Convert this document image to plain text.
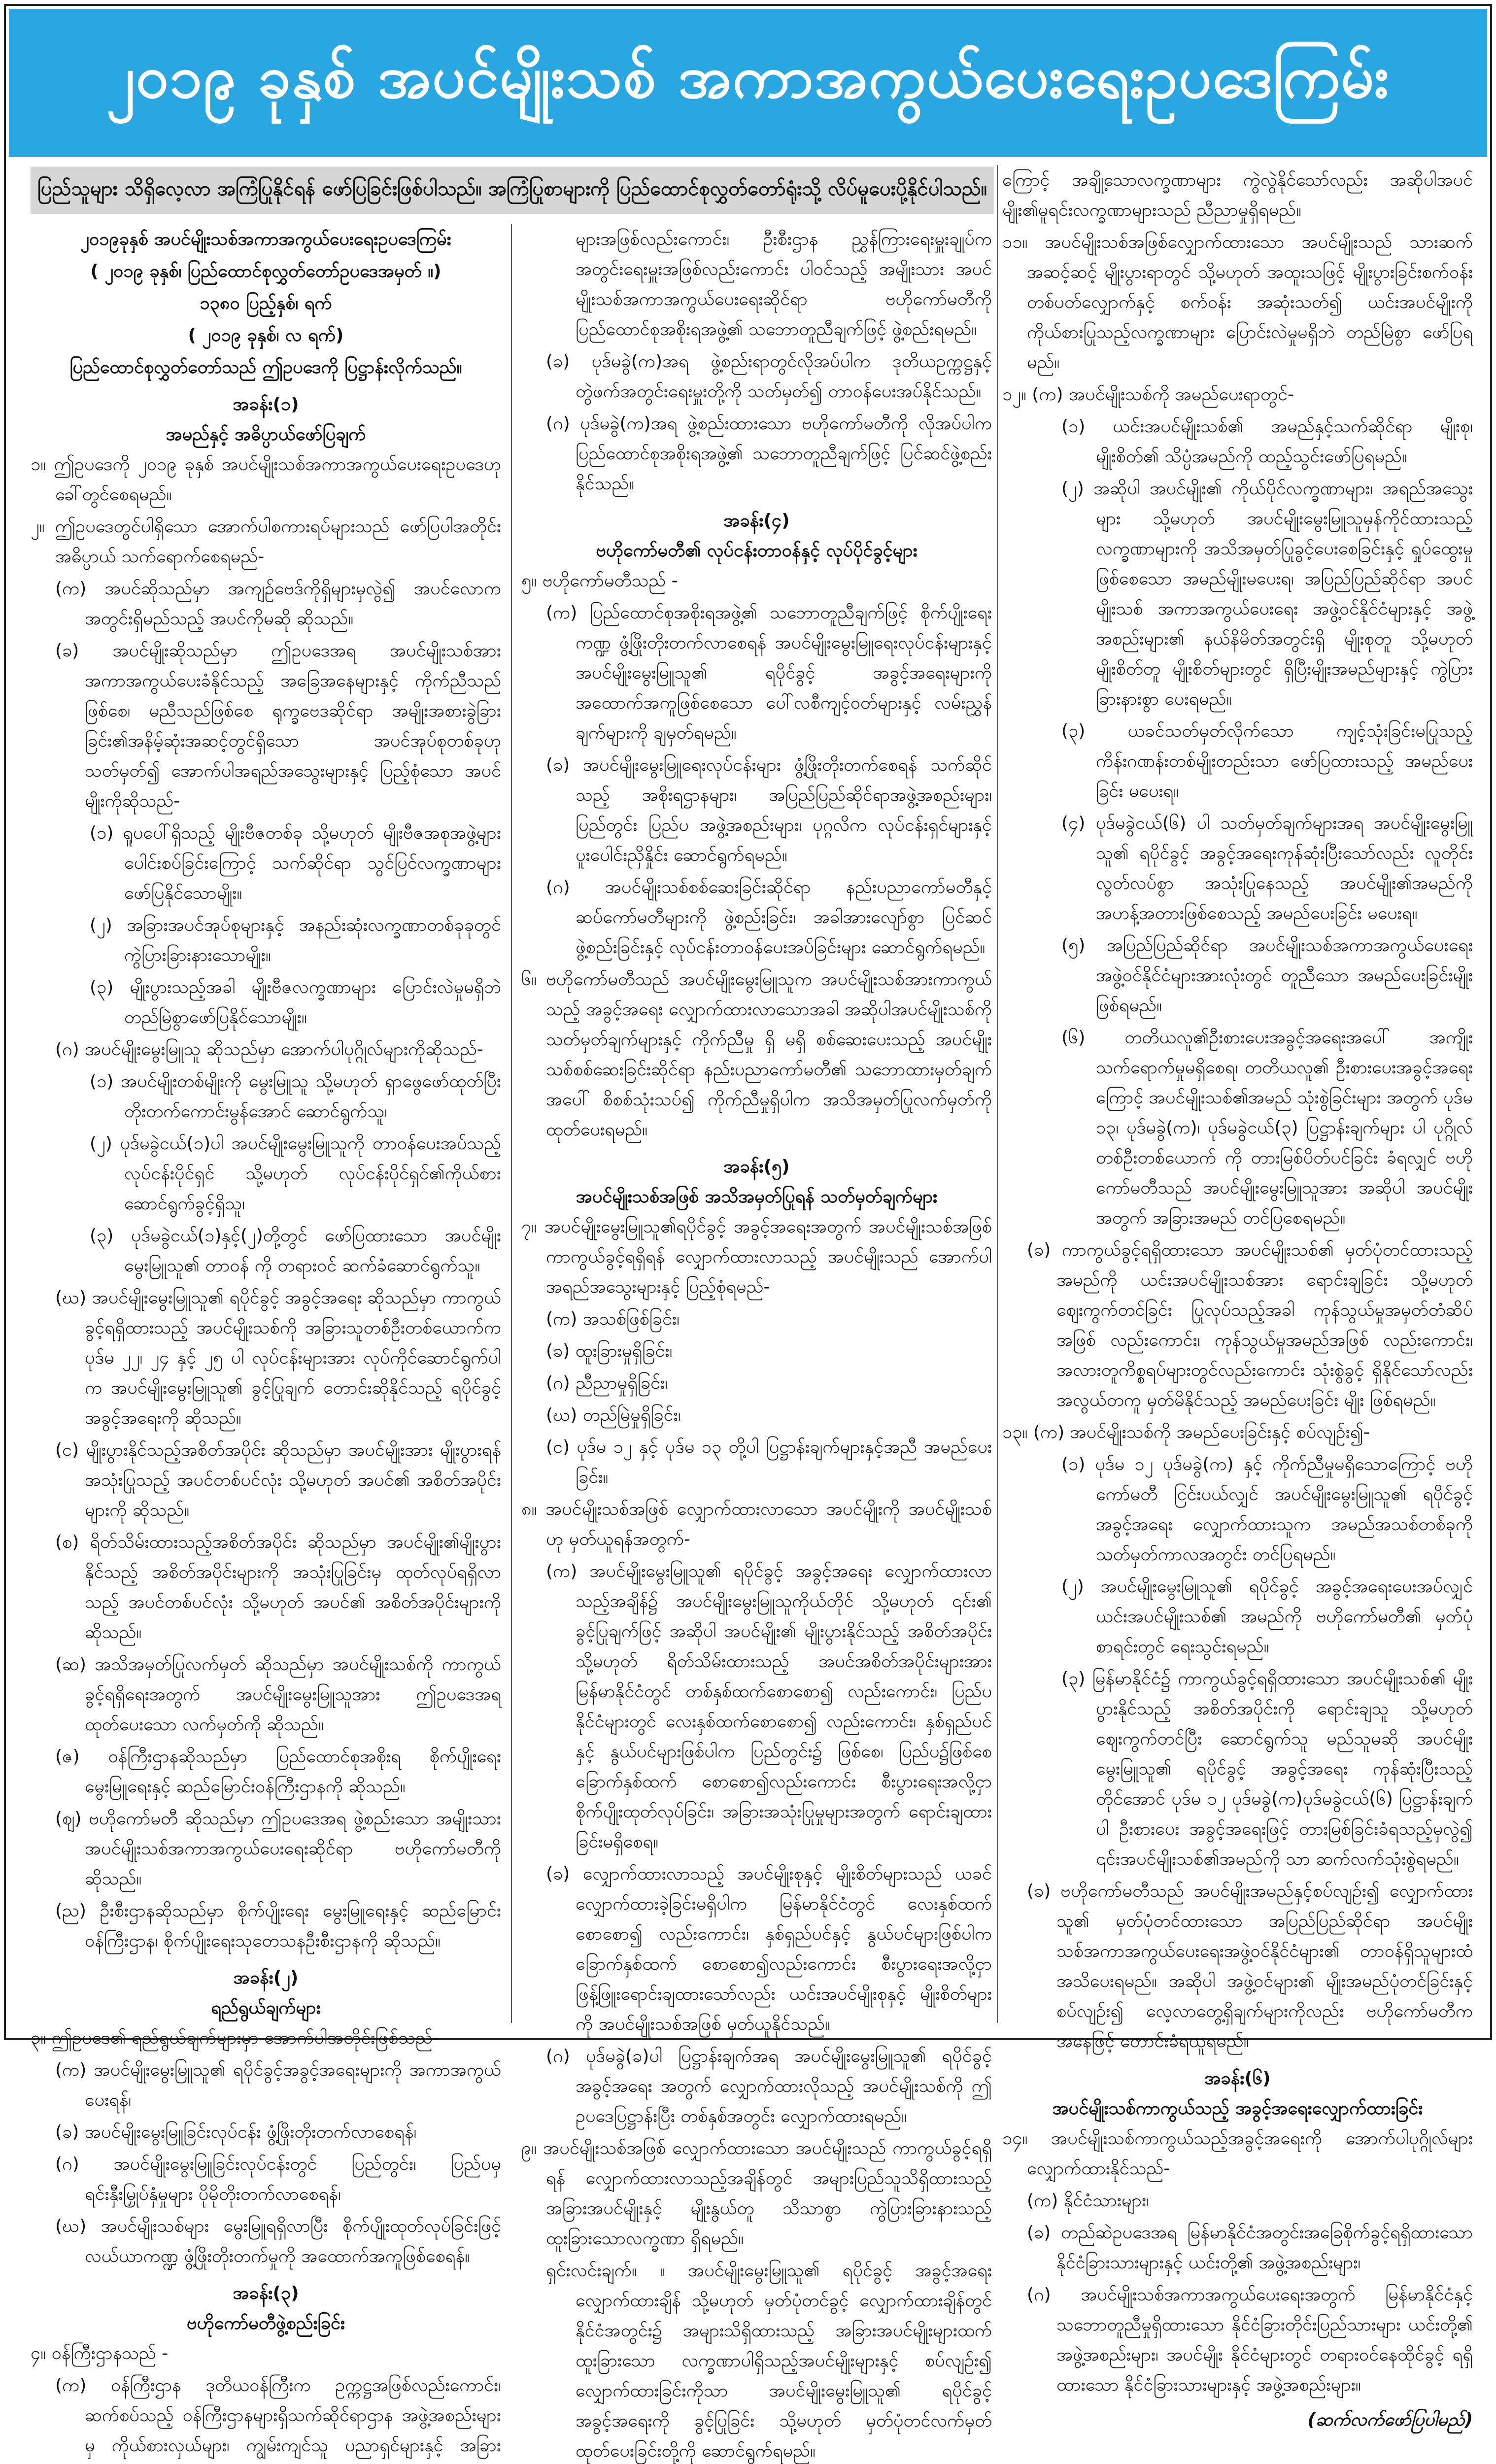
၂၀၁၉ ခုနှစ် အပင်မျိုးသစ် အကာအကွယ်ပေးရေးဥပဒေကြမ်း
ပြည်သူများ သိရှိလေ့လာ အကြံပြုနိုင်ရန် ဖော်ပြခြင်းဖြစ်ပါသည်။ အကြံပြုစာများကို ပြည်ထောင်စုလွှတ်တော်ရုံးသို့ လိပ်မူပေးပို့နိုင်ပါသည်။
၂၀၁၉ခုနှစ် အပင်မျိုးသစ်အကာအကွယ်ပေးရေးဥပဒေကြမ်း
( ၂၀၁၉ ခုနှစ်၊ ပြည်ထောင်စုလွှတ်တော်ဥပဒေအမှတ် ။)
၁၃၈၀ ပြည့်နှစ်၊ ရက်
( ၂၀၁၉ ခုနှစ်၊ လ ရက်)
ပြည်ထောင်စုလွှတ်တော်သည် ဤဥပဒေကို ပြဋ္ဌာန်းလိုက်သည်။
အခန်း(၁)
အမည်နှင့် အဓိပ္ပာယ်ဖော်ပြချက်
၁။ ဤဥပဒေကို ၂၀၁၉ ခုနှစ် အပင်မျိုးသစ်အကာအကွယ်ပေးရေးဥပဒေဟု ခေါ်တွင်စေရမည်။
၂။ ဤဥပဒေတွင်ပါရှိသော အောက်ပါစကားရပ်များသည် ဖော်ပြပါအတိုင်း အဓိပ္ပာယ် သက်ရောက်စေရမည်-
(က) အပင်ဆိုသည်မှာ အကျဉ်ဗေဒ်ကိုရှိများမှလွဲ၍ အပင်လောကအတွင်းရှိမည်သည့် အပင်ကိုမဆို ဆိုသည်။
(ခ) အပင်မျိုးဆိုသည်မှာ ဤဥပဒေအရ အပင်မျိုးသစ်အား အကာအကွယ်ပေးခံနိုင်သည့် အခြေအနေများနှင့် ကိုက်ညီသည်ဖြစ်စေ၊ မညီသည်ဖြစ်စေ ရုက္ခဗေဒဆိုင်ရာ အမျိုးအစားခွဲခြားခြင်း၏အနိမ့်ဆုံးအဆင့်တွင်ရှိသော အပင်အုပ်စုတစ်ခုဟု သတ်မှတ်၍ အောက်ပါအရည်အသွေးများနှင့် ပြည့်စုံသော အပင်မျိုးကိုဆိုသည်-
(၁) ရူပပေါ်ရှိသည့် မျိုးဗီဇတစ်ခု သို့မဟုတ် မျိုးဗီဇအစုအဖွဲ့များ ပေါင်းစပ်ခြင်းကြောင့် သက်ဆိုင်ရာ သွင်ပြင်လက္ခဏာများ ဖော်ပြနိုင်သောမျိုး။
(၂) အခြားအပင်အုပ်စုများနှင့် အနည်းဆုံးလက္ခဏာတစ်ခုခုတွင် ကွဲပြားခြားနားသောမျိုး။
(၃) မျိုးပွားသည့်အခါ မျိုးဗီဇလက္ခဏာများ ပြောင်းလဲမှုမရှိဘဲ တည်မြဲစွာဖော်ပြနိုင်သောမျိုး။
(ဂ) အပင်မျိုးမွေးမြူသူ ဆိုသည်မှာ အောက်ပါပုဂ္ဂိုလ်များကိုဆိုသည်-
(၁) အပင်မျိုးတစ်မျိုးကို မွေးမြူသူ သို့မဟုတ် ရှာဖွေဖော်ထုတ်ပြီး တိုးတက်ကောင်းမွန်အောင် ဆောင်ရွက်သူ၊
(၂) ပုဒ်မခွဲငယ်(၁)ပါ အပင်မျိုးမွေးမြူသူကို တာဝန်ပေးအပ်သည့် လုပ်ငန်းပိုင်ရှင် သို့မဟုတ် လုပ်ငန်းပိုင်ရှင်၏ကိုယ်စားဆောင်ရွက်ခွင့်ရှိသူ၊
(၃) ပုဒ်မခွဲငယ်(၁)နှင့်(၂)တို့တွင် ဖော်ပြထားသော အပင်မျိုးမွေးမြူသူ၏ တာဝန် ကို တရားဝင် ဆက်ခံဆောင်ရွက်သူ။
(ဃ) အပင်မျိုးမွေးမြူသူ၏ ရပိုင်ခွင့် အခွင့်အရေး ဆိုသည်မှာ ကာကွယ်ခွင့်ရရှိထားသည့် အပင်မျိုးသစ်ကို အခြားသူတစ်ဦးတစ်ယောက်က ပုဒ်မ ၂၂၊ ၂၄ နှင့် ၂၅ ပါ လုပ်ငန်းများအား လုပ်ကိုင်ဆောင်ရွက်ပါက အပင်မျိုးမွေးမြူသူ၏ ခွင့်ပြုချက် တောင်းဆိုနိုင်သည့် ရပိုင်ခွင့် အခွင့်အရေးကို ဆိုသည်။
(င) မျိုးပွားနိုင်သည့်အစိတ်အပိုင်း ဆိုသည်မှာ အပင်မျိုးအား မျိုးပွားရန် အသုံးပြုသည့် အပင်တစ်ပင်လုံး သို့မဟုတ် အပင်၏ အစိတ်အပိုင်းများကို ဆိုသည်။
(စ) ရိတ်သိမ်းထားသည့်အစိတ်အပိုင်း ဆိုသည်မှာ အပင်မျိုး၏မျိုးပွားနိုင်သည့် အစိတ်အပိုင်းများကို အသုံးပြုခြင်းမှ ထုတ်လုပ်ရရှိလာသည့် အပင်တစ်ပင်လုံး သို့မဟုတ် အပင်၏ အစိတ်အပိုင်းများကို ဆိုသည်။
(ဆ) အသိအမှတ်ပြုလက်မှတ် ဆိုသည်မှာ အပင်မျိုးသစ်ကို ကာကွယ်ခွင့်ရရှိရေးအတွက် အပင်မျိုးမွေးမြူသူအား ဤဥပဒေအရ ထုတ်ပေးသော လက်မှတ်ကို ဆိုသည်။
(ဇ) ဝန်ကြီးဌာနဆိုသည်မှာ ပြည်ထောင်စုအစိုးရ စိုက်ပျိုးရေး မွေးမြူရေးနှင့် ဆည်မြောင်းဝန်ကြီးဌာနကို ဆိုသည်။
(ဈ) ဗဟိုကော်မတီ ဆိုသည်မှာ ဤဥပဒေအရ ဖွဲ့စည်းသော အမျိုးသား အပင်မျိုးသစ်အကာအကွယ်ပေးရေးဆိုင်ရာ ဗဟိုကော်မတီကို ဆိုသည်။
(ည) ဦးစီးဌာနဆိုသည်မှာ စိုက်ပျိုးရေး မွေးမြူရေးနှင့် ဆည်မြောင်းဝန်ကြီးဌာန၊ စိုက်ပျိုးရေးသုတေသနဦးစီးဌာနကို ဆိုသည်။
အခန်း(၂)
ရည်ရွယ်ချက်များ
၃။ ဤဥပဒေ၏ ရည်ရွယ်ချက်များမှာ အောက်ပါအတိုင်းဖြစ်သည်-
(က) အပင်မျိုးမွေးမြူသူ၏ ရပိုင်ခွင့်အခွင့်အရေးများကို အကာအကွယ်ပေးရန်၊
(ခ) အပင်မျိုးမွေးမြူခြင်းလုပ်ငန်း ဖွံ့ဖြိုးတိုးတက်လာစေရန်၊
(ဂ) အပင်မျိုးမွေးမြူခြင်းလုပ်ငန်းတွင် ပြည်တွင်း၊ ပြည်ပမှ ရင်းနှီးမြှုပ်နှံမှုများ ပိုမိုတိုးတက်လာစေရန်၊
(ဃ) အပင်မျိုးသစ်များ မွေးမြူရရှိလာပြီး စိုက်ပျိုးထုတ်လုပ်ခြင်းဖြင့် လယ်ယာကဏ္ဍ ဖွံ့ဖြိုးတိုးတက်မှုကို အထောက်အကူဖြစ်စေရန်။
အခန်း(၃)
ဗဟိုကော်မတီဖွဲ့စည်းခြင်း
၄။ ဝန်ကြီးဌာနသည် -
(က) ဝန်ကြီးဌာန ဒုတိယဝန်ကြီးက ဥက္ကဋ္ဌအဖြစ်လည်းကောင်း၊ ဆက်စပ်သည့် ဝန်ကြီးဌာနများရှိသက်ဆိုင်ရာဌာန အဖွဲ့အစည်းများမှ ကိုယ်စားလှယ်များ၊ ကျွမ်းကျင်သူ ပညာရှင်များနှင့် အခြား
များအဖြစ်လည်းကောင်း၊ ဦးစီးဌာန ညွှန်ကြားရေးမှူးချုပ်က အတွင်းရေးမှူးအဖြစ်လည်းကောင်း ပါဝင်သည့် အမျိုးသား အပင်မျိုးသစ်အကာအကွယ်ပေးရေးဆိုင်ရာ ဗဟိုကော်မတီကို ပြည်ထောင်စုအစိုးရအဖွဲ့၏ သဘောတူညီချက်ဖြင့် ဖွဲ့စည်းရမည်။
(ခ) ပုဒ်မခွဲ(က)အရ ဖွဲ့စည်းရာတွင်လိုအပ်ပါက ဒုတိယဥက္ကဋ္ဌနှင့်တွဲဖက်အတွင်းရေးမှူးတို့ကို သတ်မှတ်၍ တာဝန်ပေးအပ်နိုင်သည်။
(ဂ) ပုဒ်မခွဲ(က)အရ ဖွဲ့စည်းထားသော ဗဟိုကော်မတီကို လိုအပ်ပါက ပြည်ထောင်စုအစိုးရအဖွဲ့၏ သဘောတူညီချက်ဖြင့် ပြင်ဆင်ဖွဲ့စည်းနိုင်သည်။
အခန်း(၄)
ဗဟိုကော်မတီ၏ လုပ်ငန်းတာဝန်နှင့် လုပ်ပိုင်ခွင့်များ
၅။ ဗဟိုကော်မတီသည် -
(က) ပြည်ထောင်စုအစိုးရအဖွဲ့၏ သဘောတူညီချက်ဖြင့် စိုက်ပျိုးရေးကဏ္ဍ ဖွံ့ဖြိုးတိုးတက်လာစေရန် အပင်မျိုးမွေးမြူရေးလုပ်ငန်းများနှင့် အပင်မျိုးမွေးမြူသူ၏ ရပိုင်ခွင့် အခွင့်အရေးများကို အထောက်အကူဖြစ်စေသော ပေါ်လစီကျင့်ဝတ်များနှင့် လမ်းညွှန်ချက်များကို ချမှတ်ရမည်။
(ခ) အပင်မျိုးမွေးမြူရေးလုပ်ငန်းများ ဖွံ့ဖြိုးတိုးတက်စေရန် သက်ဆိုင်သည့် အစိုးရဌာနများ၊ အပြည်ပြည်ဆိုင်ရာအဖွဲ့အစည်းများ၊ ပြည်တွင်း ပြည်ပ အဖွဲ့အစည်းများ၊ ပုဂ္ဂလိက လုပ်ငန်းရှင်များနှင့် ပူးပေါင်းညှိနှိုင်း ဆောင်ရွက်ရမည်။
(ဂ) အပင်မျိုးသစ်စစ်ဆေးခြင်းဆိုင်ရာ နည်းပညာကော်မတီနှင့် ဆပ်ကော်မတီများကို ဖွဲ့စည်းခြင်း၊ အခါအားလျော်စွာ ပြင်ဆင်ဖွဲ့စည်းခြင်းနှင့် လုပ်ငန်းတာဝန်ပေးအပ်ခြင်းများ ဆောင်ရွက်ရမည်။
၆။ ဗဟိုကော်မတီသည် အပင်မျိုးမွေးမြူသူက အပင်မျိုးသစ်အားကာကွယ်သည့် အခွင့်အရေး လျှောက်ထားလာသောအခါ အဆိုပါအပင်မျိုးသစ်ကို သတ်မှတ်ချက်များနှင့် ကိုက်ညီမှု ရှိ မရှိ စစ်ဆေးပေးသည့် အပင်မျိုးသစ်စစ်ဆေးခြင်းဆိုင်ရာ နည်းပညာကော်မတီ၏ သဘောထားမှတ်ချက်အပေါ် စိစစ်သုံးသပ်၍ ကိုက်ညီမှုရှိပါက အသိအမှတ်ပြုလက်မှတ်ကို ထုတ်ပေးရမည်။
အခန်း(၅)
အပင်မျိုးသစ်အဖြစ် အသိအမှတ်ပြုရန် သတ်မှတ်ချက်များ
၇။ အပင်မျိုးမွေးမြူသူ၏ရပိုင်ခွင့် အခွင့်အရေးအတွက် အပင်မျိုးသစ်အဖြစ်ကာကွယ်ခွင့်ရရှိရန် လျှောက်ထားလာသည့် အပင်မျိုးသည် အောက်ပါအရည်အသွေးများနှင့် ပြည့်စုံရမည်-
(က) အသစ်ဖြစ်ခြင်း၊
(ခ) ထူးခြားမှုရှိခြင်း၊
(ဂ) ညီညာမှုရှိခြင်း၊
(ဃ) တည်မြဲမှုရှိခြင်း၊
(င) ပုဒ်မ ၁၂ နှင့် ပုဒ်မ ၁၃ တို့ပါ ပြဋ္ဌာန်းချက်များနှင့်အညီ အမည်ပေးခြင်း။
၈။ အပင်မျိုးသစ်အဖြစ် လျှောက်ထားလာသော အပင်မျိုးကို အပင်မျိုးသစ်ဟု မှတ်ယူရန်အတွက်-
(က) အပင်မျိုးမွေးမြူသူ၏ ရပိုင်ခွင့် အခွင့်အရေး လျှောက်ထားလာသည့်အချိန်၌ အပင်မျိုးမွေးမြူသူကိုယ်တိုင် သို့မဟုတ် ၎င်း၏ ခွင့်ပြုချက်ဖြင့် အဆိုပါ အပင်မျိုး၏ မျိုးပွားနိုင်သည့် အစိတ်အပိုင်း သို့မဟုတ် ရိတ်သိမ်းထားသည့် အပင်အစိတ်အပိုင်းများအား မြန်မာနိုင်ငံတွင် တစ်နှစ်ထက်စောစော၍ လည်းကောင်း၊ ပြည်ပနိုင်ငံများတွင် လေးနှစ်ထက်စောစော၍ လည်းကောင်း၊ နှစ်ရှည်ပင်နှင့် နွယ်ပင်များဖြစ်ပါက ပြည်တွင်း၌ ဖြစ်စေ၊ ပြည်ပ၌ဖြစ်စေ ခြောက်နှစ်ထက် စောစော၍လည်းကောင်း စီးပွားရေးအလို့ငှာ စိုက်ပျိုးထုတ်လုပ်ခြင်း၊ အခြားအသုံးပြုမှုများအတွက် ရောင်းချထားခြင်းမရှိစေရ။
(ခ) လျှောက်ထားလာသည့် အပင်မျိုးစုနှင့် မျိုးစိတ်များသည် ယခင်လျှောက်ထားခဲ့ခြင်းမရှိပါက မြန်မာနိုင်ငံတွင် လေးနှစ်ထက် စောစော၍ လည်းကောင်း၊ နှစ်ရှည်ပင်နှင့် နွယ်ပင်များဖြစ်ပါက ခြောက်နှစ်ထက် စောစော၍လည်းကောင်း စီးပွားရေးအလို့ငှာ ဖြန့်ဖြူးရောင်းချထားသော်လည်း ယင်းအပင်မျိုးစုနှင့် မျိုးစိတ်များကို အပင်မျိုးသစ်အဖြစ် မှတ်ယူနိုင်သည်။
(ဂ) ပုဒ်မခွဲ(ခ)ပါ ပြဋ္ဌာန်းချက်အရ အပင်မျိုးမွေးမြူသူ၏ ရပိုင်ခွင့် အခွင့်အရေး အတွက် လျှောက်ထားလိုသည့် အပင်မျိုးသစ်ကို ဤဥပဒေပြဋ္ဌာန်းပြီး တစ်နှစ်အတွင်း လျှောက်ထားရမည်။
၉။ အပင်မျိုးသစ်အဖြစ် လျှောက်ထားသော အပင်မျိုးသည် ကာကွယ်ခွင့်ရရှိရန် လျှောက်ထားလာသည့်အချိန်တွင် အများပြည်သူသိရှိထားသည့် အခြားအပင်မျိုးနှင့် မျိုးနွယ်တူ သိသာစွာ ကွဲပြားခြားနားသည့် ထူးခြားသောလက္ခဏာ ရှိရမည်။
ရှင်းလင်းချက်။ ။ အပင်မျိုးမွေးမြူသူ၏ ရပိုင်ခွင့် အခွင့်အရေးလျှောက်ထားချိန် သို့မဟုတ် မှတ်ပုံတင်ခွင့် လျှောက်ထားချိန်တွင် နိုင်ငံအတွင်း၌ အများသိရှိထားသည့် အခြားအပင်မျိုးများထက် ထူးခြားသော လက္ခဏာပါရှိသည့်အပင်မျိုးများနှင့် စပ်လျဉ်း၍ လျှောက်ထားခြင်းကိုသာ အပင်မျိုးမွေးမြူသူ၏ ရပိုင်ခွင့် အခွင့်အရေးကို ခွင့်ပြုခြင်း သို့မဟုတ် မှတ်ပုံတင်လက်မှတ် ထုတ်ပေးခြင်းတို့ကို ဆောင်ရွက်ရမည်။
ကြောင့် အချို့သောလက္ခဏာများ ကွဲလွဲနိုင်သော်လည်း အဆိုပါအပင်မျိုး၏မူရင်းလက္ခဏာများသည် ညီညာမှုရှိရမည်။
၁၁။ အပင်မျိုးသစ်အဖြစ်လျှောက်ထားသော အပင်မျိုးသည် သားဆက်အဆင့်ဆင့် မျိုးပွားရာတွင် သို့မဟုတ် အထူးသဖြင့် မျိုးပွားခြင်းစက်ဝန်းတစ်ပတ်လျှောက်နှင့် စက်ဝန်း အဆုံးသတ်၍ ယင်းအပင်မျိုးကို ကိုယ်စားပြုသည့်လက္ခဏာများ ပြောင်းလဲမှုမရှိဘဲ တည်မြဲစွာ ဖော်ပြရမည်။
၁၂။ (က) အပင်မျိုးသစ်ကို အမည်ပေးရာတွင်-
(၁) ယင်းအပင်မျိုးသစ်၏ အမည်နှင့်သက်ဆိုင်ရာ မျိုးစု၊ မျိုးစိတ်၏ သိပ္ပံအမည်ကို ထည့်သွင်းဖော်ပြရမည်။
(၂) အဆိုပါ အပင်မျိုး၏ ကိုယ်ပိုင်လက္ခဏာများ၊ အရည်အသွေးများ သို့မဟုတ် အပင်မျိုးမွေးမြူသူမှန်ကိုင်ထားသည့် လက္ခဏာများကို အသိအမှတ်ပြုခွင့်ပေးစေခြင်းနှင့် ရှုပ်ထွေးမှုဖြစ်စေသော အမည်မျိုးမပေးရ၊ အပြည်ပြည်ဆိုင်ရာ အပင်မျိုးသစ် အကာအကွယ်ပေးရေး အဖွဲ့ဝင်နိုင်ငံများနှင့် အဖွဲ့အစည်းများ၏ နယ်နိမိတ်အတွင်းရှိ မျိုးစုတူ သို့မဟုတ် မျိုးစိတ်တူ မျိုးစိတ်များတွင် ရှိပြီးမျိုးအမည်များနှင့် ကွဲပြားခြားနားစွာ ပေးရမည်။
(၃) ယခင်သတ်မှတ်လိုက်သော ကျင့်သုံးခြင်းမပြုသည့် ကိန်းဂဏန်းတစ်မျိုးတည်းသာ ဖော်ပြထားသည့် အမည်ပေးခြင်း မပေးရ။
(၄) ပုဒ်မခွဲငယ်(၆) ပါ သတ်မှတ်ချက်များအရ အပင်မျိုးမွေးမြူသူ၏ ရပိုင်ခွင့် အခွင့်အရေးကုန်ဆုံးပြီးသော်လည်း လူတိုင်းလွတ်လပ်စွာ အသုံးပြုနေသည့် အပင်မျိုး၏အမည်ကို အဟန့်အတားဖြစ်စေသည့် အမည်ပေးခြင်း မပေးရ။
(၅) အပြည်ပြည်ဆိုင်ရာ အပင်မျိုးသစ်အကာအကွယ်ပေးရေး အဖွဲ့ဝင်နိုင်ငံများအားလုံးတွင် တူညီသော အမည်ပေးခြင်းမျိုး ဖြစ်ရမည်။
(၆) တတိယလူ၏ဦးစားပေးအခွင့်အရေးအပေါ် အကျိုးသက်ရောက်မှုမရှိစေရ၊ တတိယလူ၏ ဦးစားပေးအခွင့်အရေးကြောင့် အပင်မျိုးသစ်၏အမည် သုံးစွဲခြင်းများ အတွက် ပုဒ်မ ၁၃၊ ပုဒ်မခွဲ(က)၊ ပုဒ်မခွဲငယ်(၃) ပြဋ္ဌာန်းချက်များ ပါ ပုဂ္ဂိုလ်တစ်ဦးတစ်ယောက် ကို တားမြစ်ပိတ်ပင်ခြင်း ခံရလျှင် ဗဟိုကော်မတီသည် အပင်မျိုးမွေးမြူသူအား အဆိုပါ အပင်မျိုးအတွက် အခြားအမည် တင်ပြစေရမည်။
(ခ) ကာကွယ်ခွင့်ရရှိထားသော အပင်မျိုးသစ်၏ မှတ်ပုံတင်ထားသည့် အမည်ကို ယင်းအပင်မျိုးသစ်အား ရောင်းချခြင်း သို့မဟုတ် ဈေးကွက်တင်ခြင်း ပြုလုပ်သည့်အခါ ကုန်သွယ်မှုအမှတ်တံဆိပ်အဖြစ် လည်းကောင်း၊ ကုန်သွယ်မှုအမည်အဖြစ် လည်းကောင်း၊ အလားတူကိစ္စရပ်များတွင်လည်းကောင်း သုံးစွဲခွင့် ရှိနိုင်သော်လည်း အလွယ်တကူ မှတ်မိနိုင်သည့် အမည်ပေးခြင်း မျိုး ဖြစ်ရမည်။
၁၃။ (က) အပင်မျိုးသစ်ကို အမည်ပေးခြင်းနှင့် စပ်လျဉ်း၍-
(၁) ပုဒ်မ ၁၂ ပုဒ်မခွဲ(က) နှင့် ကိုက်ညီမှုမရှိသောကြောင့် ဗဟိုကော်မတီ ငြင်းပယ်လျှင် အပင်မျိုးမွေးမြူသူ၏ ရပိုင်ခွင့် အခွင့်အရေး လျှောက်ထားသူက အမည်အသစ်တစ်ခုကို သတ်မှတ်ကာလအတွင်း တင်ပြရမည်။
(၂) အပင်မျိုးမွေးမြူသူ၏ ရပိုင်ခွင့် အခွင့်အရေးပေးအပ်လျှင် ယင်းအပင်မျိုးသစ်၏ အမည်ကို ဗဟိုကော်မတီ၏ မှတ်ပုံစာရင်းတွင် ရေးသွင်းရမည်။
(၃) မြန်မာနိုင်ငံ၌ ကာကွယ်ခွင့်ရရှိထားသော အပင်မျိုးသစ်၏ မျိုးပွားနိုင်သည့် အစိတ်အပိုင်းကို ရောင်းချသူ သို့မဟုတ် ဈေးကွက်တင်ပြီး ဆောင်ရွက်သူ မည်သူမဆို အပင်မျိုးမွေးမြူသူ၏ ရပိုင်ခွင့် အခွင့်အရေး ကုန်ဆုံးပြီးသည့်တိုင်အောင် ပုဒ်မ ၁၂ ပုဒ်မခွဲ(က)ပုဒ်မခွဲငယ်(၆) ပြဋ္ဌာန်းချက်ပါ ဦးစားပေး အခွင့်အရေးဖြင့် တားမြစ်ခြင်းခံရသည့်မှလွဲ၍ ၎င်းအပင်မျိုးသစ်၏အမည်ကို သာ ဆက်လက်သုံးစွဲရမည်။
(ခ) ဗဟိုကော်မတီသည် အပင်မျိုးအမည်နှင့်စပ်လျဉ်း၍ လျှောက်ထားသူ၏ မှတ်ပုံတင်ထားသော အပြည်ပြည်ဆိုင်ရာ အပင်မျိုးသစ်အကာအကွယ်ပေးရေးအဖွဲ့ဝင်နိုင်ငံများ၏ တာဝန်ရှိသူများထံ အသိပေးရမည်။ အဆိုပါ အဖွဲ့ဝင်များ၏ မျိုးအမည်ပုံတင်ခြင်းနှင့်စပ်လျဉ်း၍ လေ့လာတွေ့ရှိချက်များကိုလည်း ဗဟိုကော်မတီက အနေဖြင့် တောင်းခံရယူရမည်။
အခန်း(၆)
အပင်မျိုးသစ်ကာကွယ်သည့် အခွင့်အရေးလျှောက်ထားခြင်း
၁၄။ အပင်မျိုးသစ်ကာကွယ်သည့်အခွင့်အရေးကို အောက်ပါပုဂ္ဂိုလ်များ လျှောက်ထားနိုင်သည်-
(က) နိုင်ငံသားများ၊
(ခ) တည်ဆဲဥပဒေအရ မြန်မာနိုင်ငံအတွင်းအခြေစိုက်ခွင့်ရရှိထားသော နိုင်ငံခြားသားများနှင့် ယင်းတို့၏ အဖွဲ့အစည်းများ၊
(ဂ) အပင်မျိုးသစ်အကာအကွယ်ပေးရေးအတွက် မြန်မာနိုင်ငံနှင့် သဘောတူညီမှုရှိထားသော နိုင်ငံခြားတိုင်းပြည်သားများ ယင်းတို့၏ အဖွဲ့အစည်းများ၊ အပင်မျိုး နိုင်ငံများတွင် တရားဝင်နေထိုင်ခွင့် ရရှိထားသော နိုင်ငံခြားသားများနှင့် အဖွဲ့အစည်းများ။
(ဆက်လက်ဖော်ပြပါမည်)
